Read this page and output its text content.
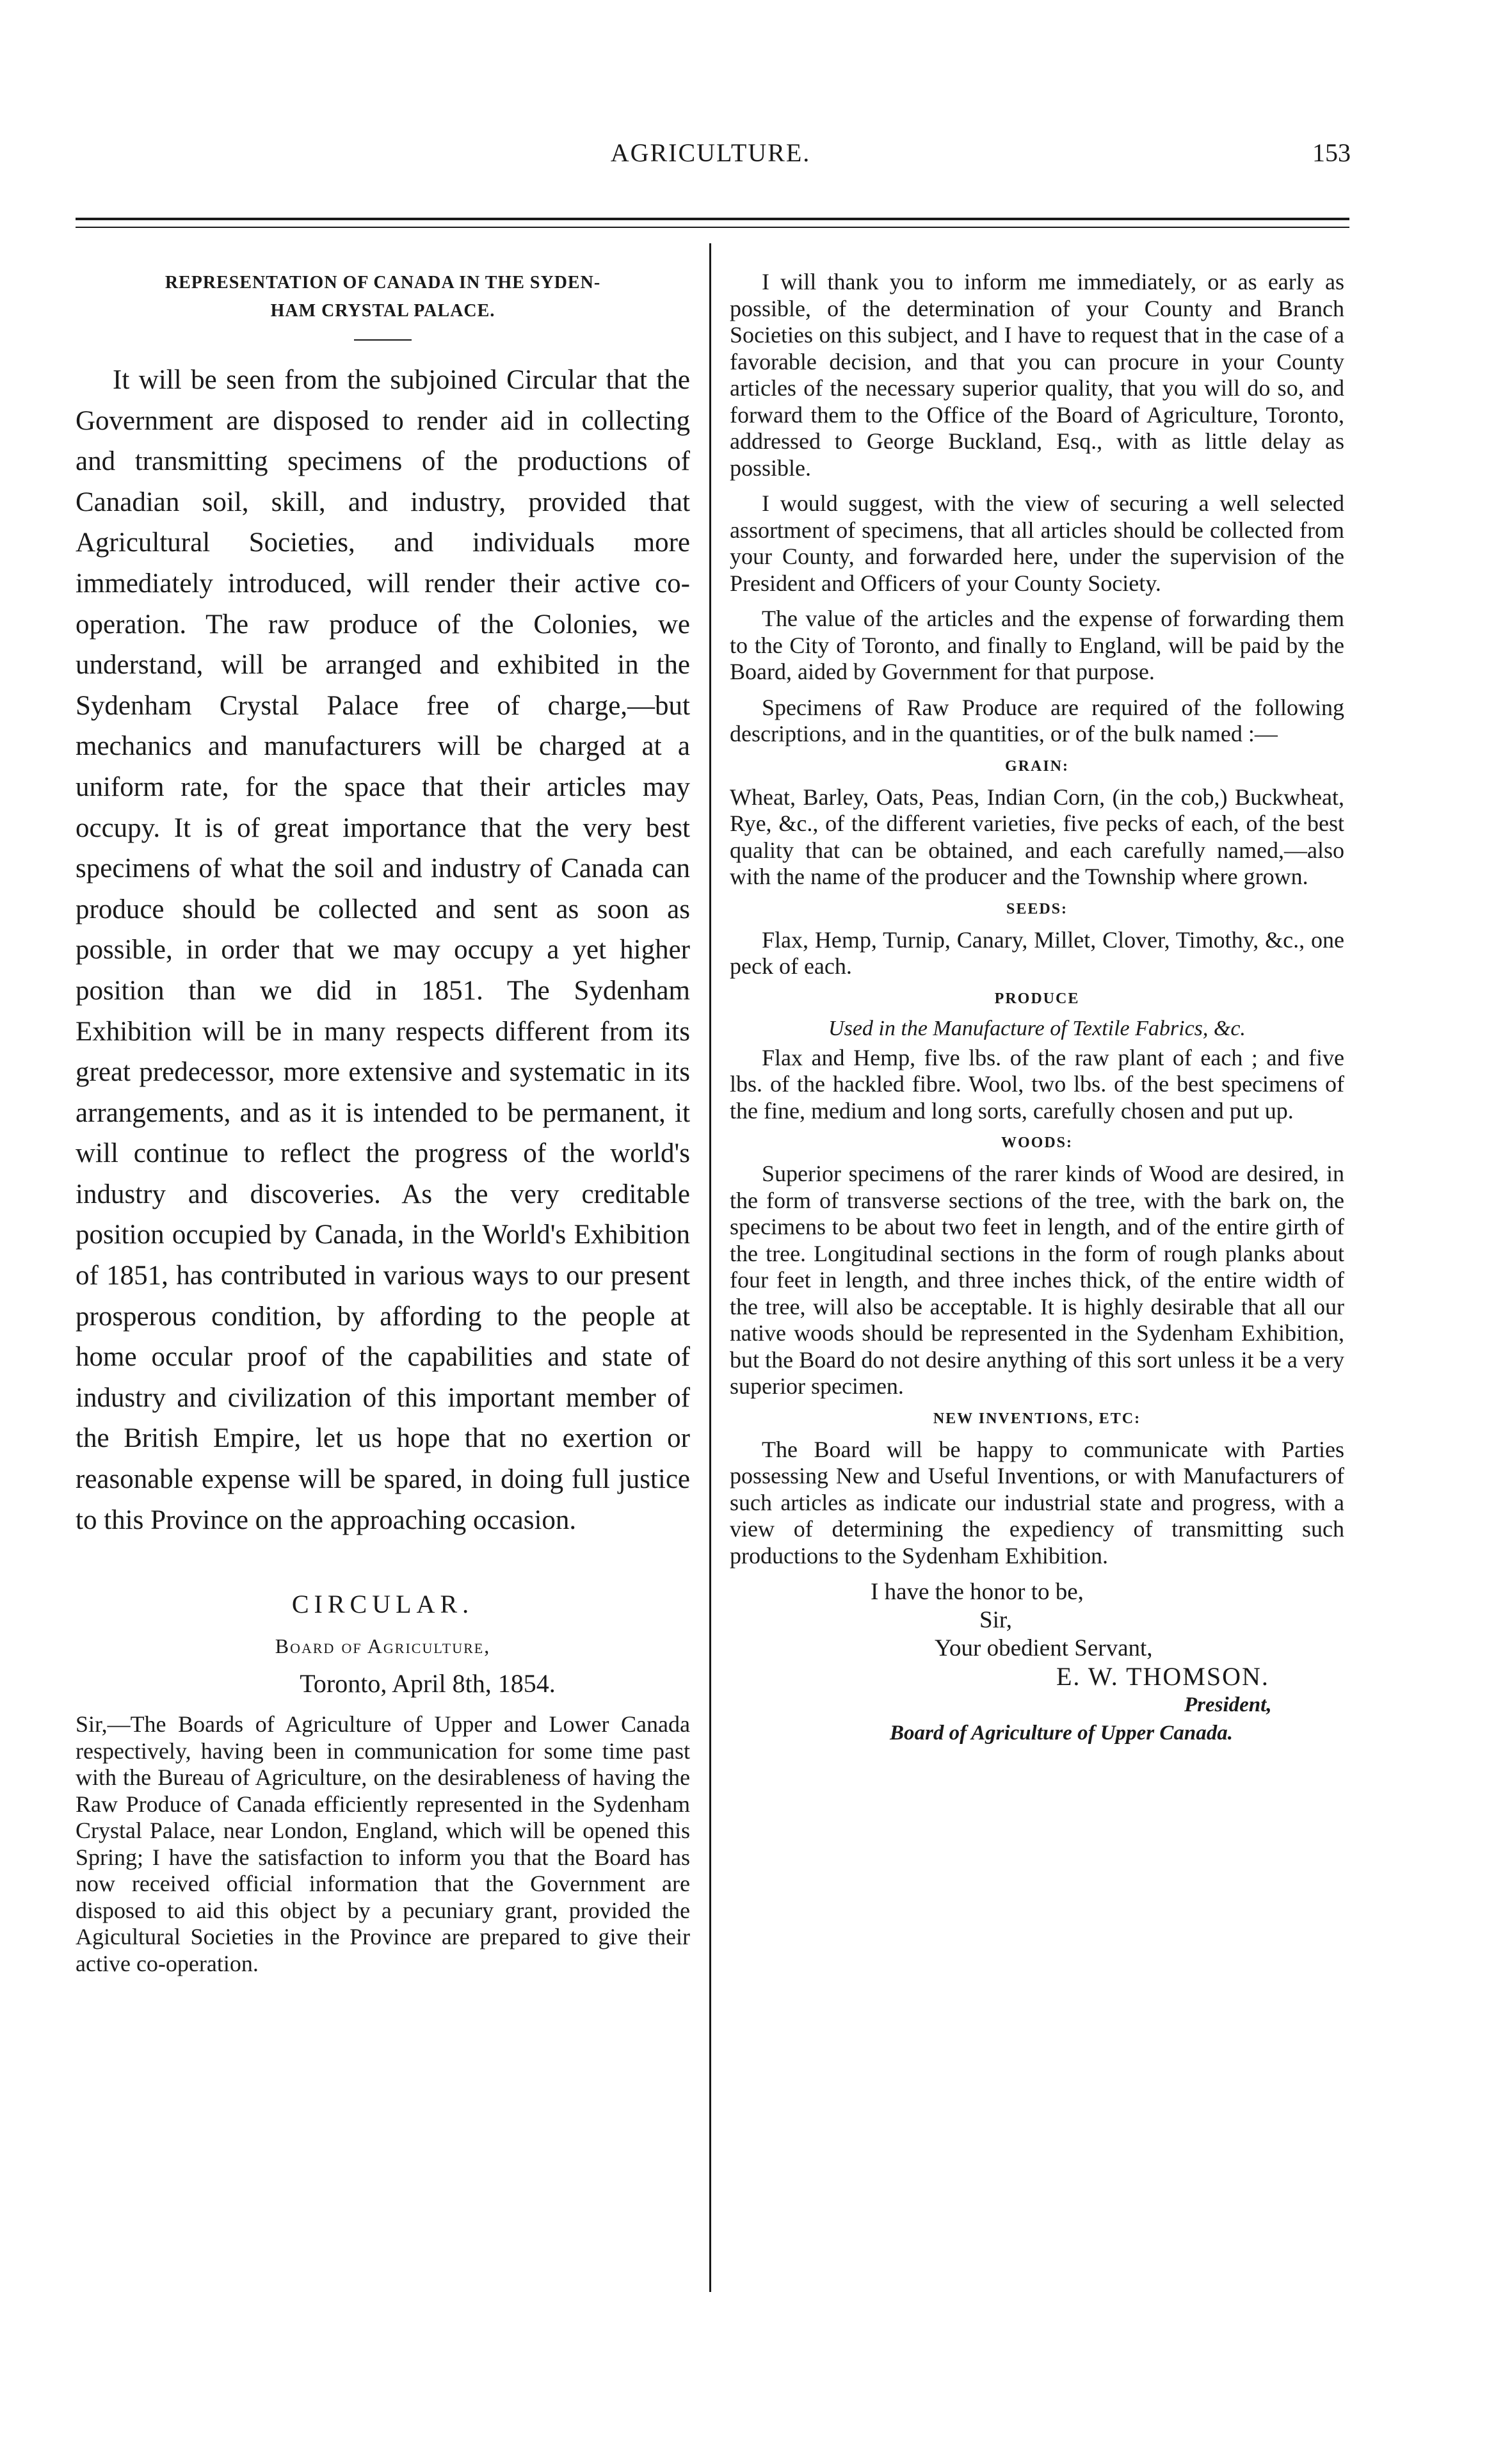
AGRICULTURE.	153
REPRESENTATION OF CANADA IN THE SYDEN-
HAM CRYSTAL PALACE.

It will be seen from the subjoined Circular that the Government are disposed to render aid in collecting and transmitting specimens of the productions of Canadian soil, skill, and industry, provided that Agricultural Societies, and individuals more immediately introduced, will render their active co-operation. The raw produce of the Colonies, we understand, will be arranged and exhibited in the Sydenham Crystal Palace free of charge,—but mechanics and manufacturers will be charged at a uniform rate, for the space that their articles may occupy. It is of great importance that the very best specimens of what the soil and industry of Canada can produce should be collected and sent as soon as possible, in order that we may occupy a yet higher position than we did in 1851. The Sydenham Exhibition will be in many respects different from its great predecessor, more extensive and systematic in its arrangements, and as it is intended to be permanent, it will continue to reflect the progress of the world's industry and discoveries. As the very creditable position occupied by Canada, in the World's Exhibition of 1851, has contributed in various ways to our present prosperous condition, by affording to the people at home occular proof of the capabilities and state of industry and civilization of this important member of the British Empire, let us hope that no exertion or reasonable expense will be spared, in doing full justice to this Province on the approaching occasion.

CIRCULAR.
Board of Agriculture,
Toronto, April 8th, 1854.

Sir,—The Boards of Agriculture of Upper and Lower Canada respectively, having been in communication for some time past with the Bureau of Agriculture, on the desirableness of having the Raw Produce of Canada efficiently represented in the Sydenham Crystal Palace, near London, England, which will be opened this Spring; I have the satisfaction to inform you that the Board has now received official information that the Government are disposed to aid this object by a pecuniary grant, provided the Agicultural Societies in the Province are prepared to give their active co-operation.

I will thank you to inform me immediately, or as early as possible, of the determination of your County and Branch Societies on this subject, and I have to request that in the case of a favorable decision, and that you can procure in your County articles of the necessary superior quality, that you will do so, and forward them to the Office of the Board of Agriculture, Toronto, addressed to George Buckland, Esq., with as little delay as possible.

I would suggest, with the view of securing a well selected assortment of specimens, that all articles should be collected from your County, and forwarded here, under the supervision of the President and Officers of your County Society.

The value of the articles and the expense of forwarding them to the City of Toronto, and finally to England, will be paid by the Board, aided by Government for that purpose.

Specimens of Raw Produce are required of the following descriptions, and in the quantities, or of the bulk named :—

GRAIN:

Wheat, Barley, Oats, Peas, Indian Corn, (in the cob,) Buckwheat, Rye, &c., of the different varieties, five pecks of each, of the best quality that can be obtained, and each carefully named,—also with the name of the producer and the Township where grown.

SEEDS:

Flax, Hemp, Turnip, Canary, Millet, Clover, Timothy, &c., one peck of each.

PRODUCE
Used in the Manufacture of Textile Fabrics, &c.

Flax and Hemp, five lbs. of the raw plant of each ; and five lbs. of the hackled fibre. Wool, two lbs. of the best specimens of the fine, medium and long sorts, carefully chosen and put up.

WOODS:

Superior specimens of the rarer kinds of Wood are desired, in the form of transverse sections of the tree, with the bark on, the specimens to be about two feet in length, and of the entire girth of the tree. Longitudinal sections in the form of rough planks about four feet in length, and three inches thick, of the entire width of the tree, will also be acceptable. It is highly desirable that all our native woods should be represented in the Sydenham Exhibition, but the Board do not desire anything of this sort unless it be a very superior specimen.

NEW INVENTIONS, ETC:

The Board will be happy to communicate with Parties possessing New and Useful Inventions, or with Manufacturers of such articles as indicate our industrial state and progress, with a view of determining the expediency of transmitting such productions to the Sydenham Exhibition.

I have the honor to be,
Sir,
Your obedient Servant,
E. W. THOMSON.
President,
Board of Agriculture of Upper Canada.
